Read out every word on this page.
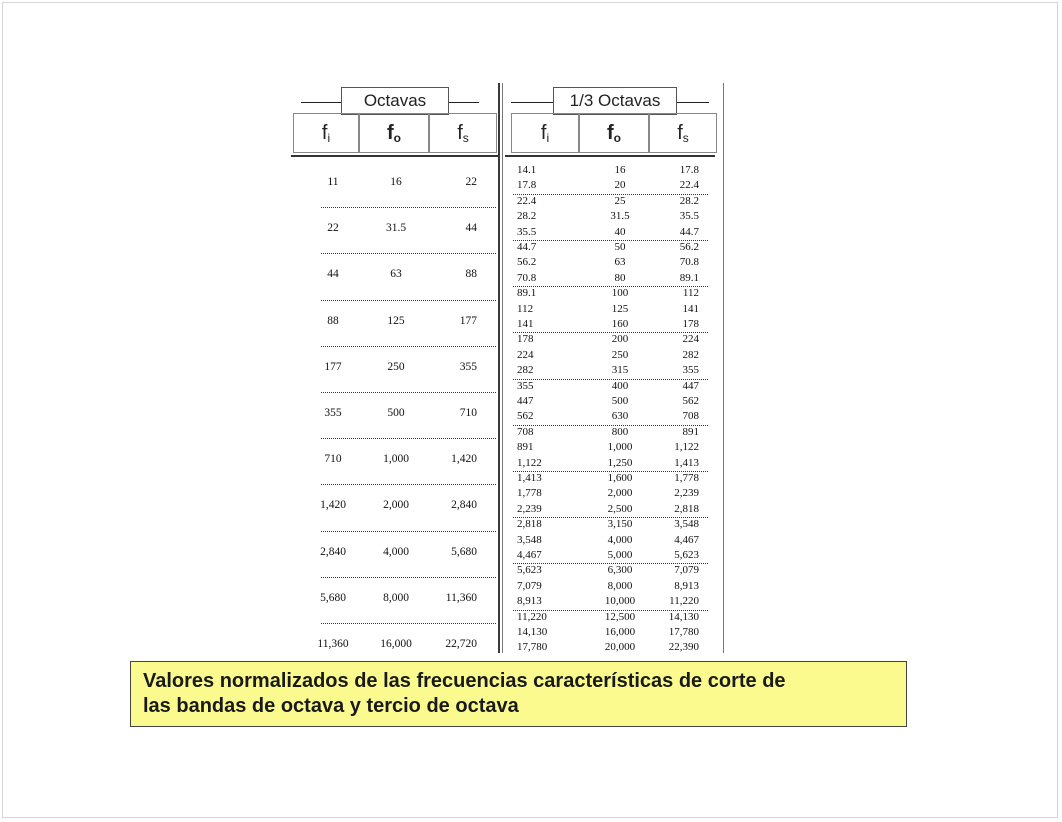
Octavas
$f_i$	$f_o$	$f_s$
11	16	22
22	31.5	44
44	63	88
88	125	177
177	250	355
355	500	710
710	1,000	1,420
1,420	2,000	2,840
2,840	4,000	5,680
5,680	8,000	11,360
11,360	16,000	22,720
1/3 Octavas
$f_i$	$f_o$	$f_s$
14.1	16	17.8
17.8	20	22.4
22.4	25	28.2
28.2	31.5	35.5
35.5	40	44.7
44.7	50	56.2
56.2	63	70.8
70.8	80	89.1
89.1	100	112
112	125	141
141	160	178
178	200	224
224	250	282
282	315	355
355	400	447
447	500	562
562	630	708
708	800	891
891	1,000	1,122
1,122	1,250	1,413
1,413	1,600	1,778
1,778	2,000	2,239
2,239	2,500	2,818
2,818	3,150	3,548
3,548	4,000	4,467
4,467	5,000	5,623
5,623	6,300	7,079
7,079	8,000	8,913
8,913	10,000	11,220
11,220	12,500	14,130
14,130	16,000	17,780
17,780	20,000	22,390
Valores normalizados de las frecuencias características de corte de
las bandas de octava y tercio de octava
